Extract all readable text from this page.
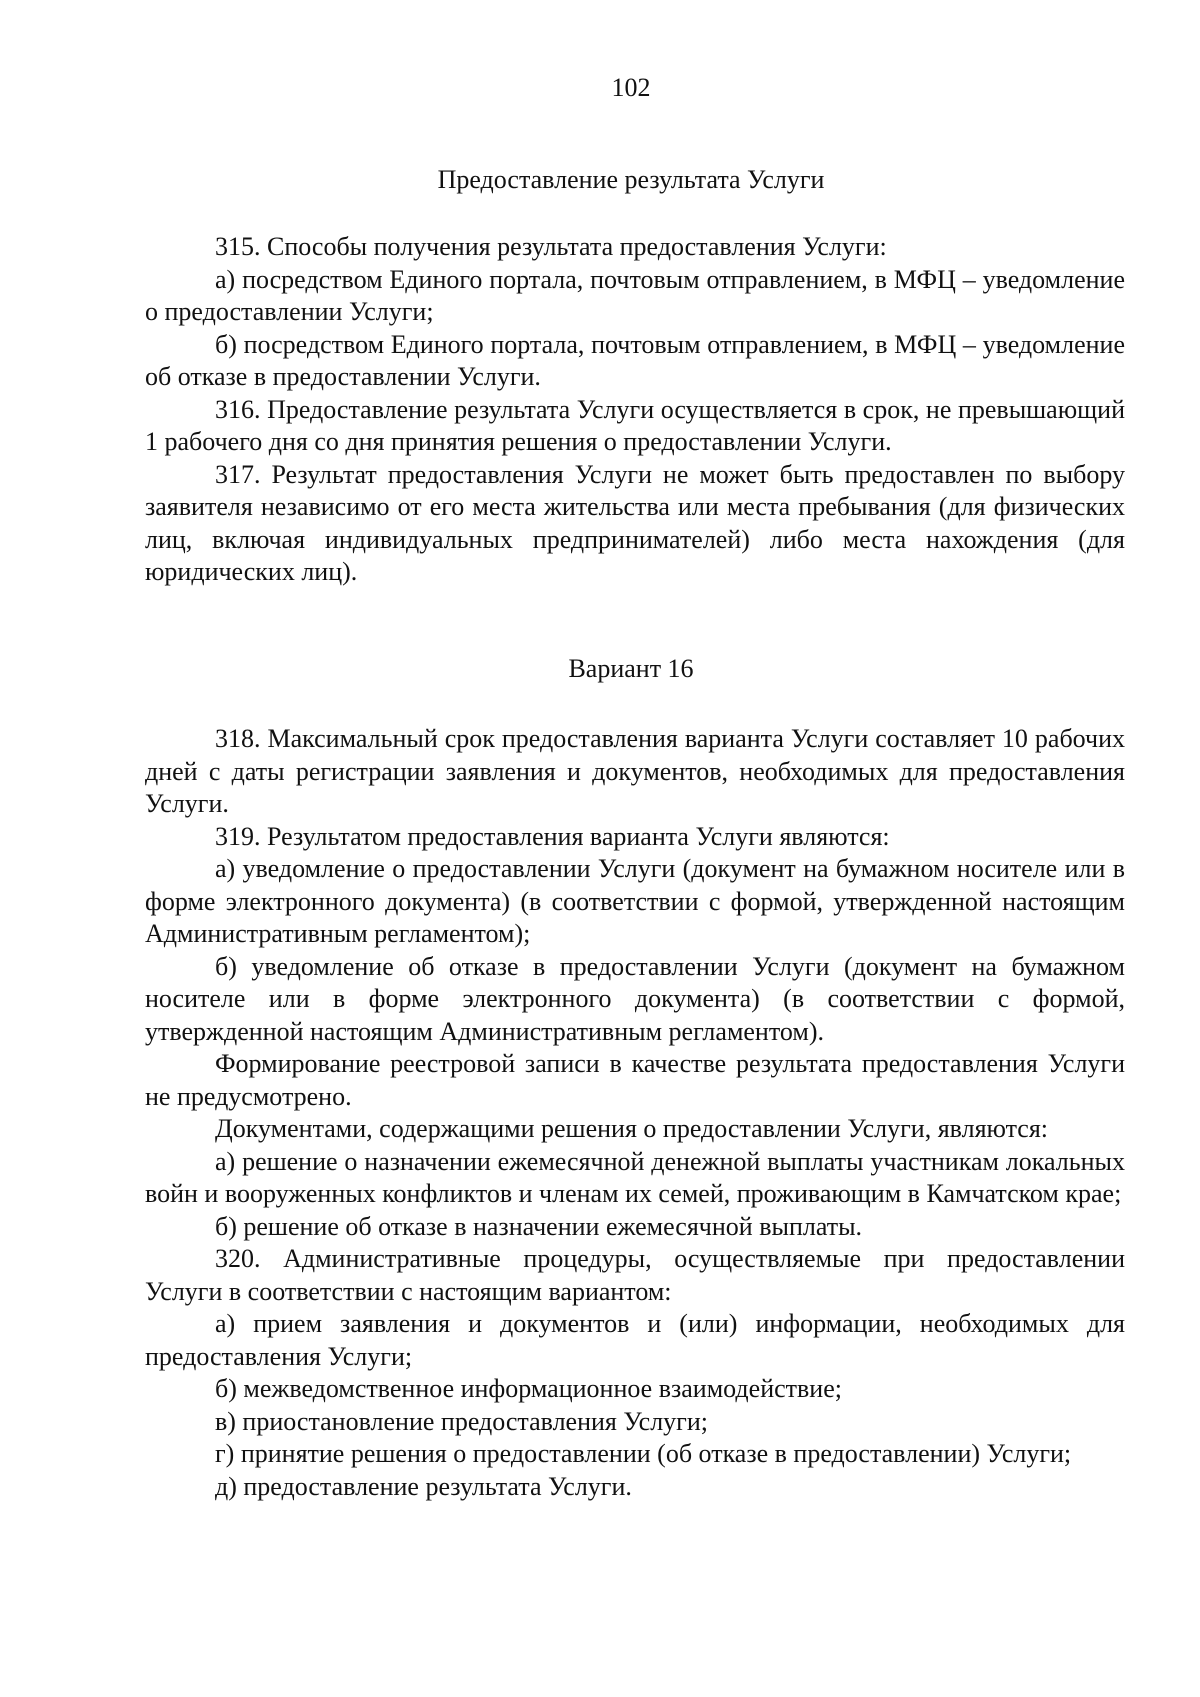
102
Предоставление результата Услуги

315. Способы получения результата предоставления Услуги:

а) посредством Единого портала, почтовым отправлением, в МФЦ – уведомление о предоставлении Услуги;

б) посредством Единого портала, почтовым отправлением, в МФЦ – уведомление об отказе в предоставлении Услуги.

316. Предоставление результата Услуги осуществляется в срок, не превышающий 1 рабочего дня со дня принятия решения о предоставлении Услуги.

317. Результат предоставления Услуги не может быть предоставлен по выбору заявителя независимо от его места жительства или места пребывания (для физических лиц, включая индивидуальных предпринимателей) либо места нахождения (для юридических лиц).

Вариант 16

318. Максимальный срок предоставления варианта Услуги составляет 10 рабочих дней с даты регистрации заявления и документов, необходимых для предоставления Услуги.

319. Результатом предоставления варианта Услуги являются:

а) уведомление о предоставлении Услуги (документ на бумажном носителе или в форме электронного документа) (в соответствии с формой, утвержденной настоящим Административным регламентом);

б) уведомление об отказе в предоставлении Услуги (документ на бумажном носителе или в форме электронного документа) (в соответствии с формой, утвержденной настоящим Административным регламентом).

Формирование реестровой записи в качестве результата предоставления Услуги не предусмотрено.

Документами, содержащими решения о предоставлении Услуги, являются:

а) решение о назначении ежемесячной денежной выплаты участникам локальных войн и вооруженных конфликтов и членам их семей, проживающим в Камчатском крае;

б) решение об отказе в назначении ежемесячной выплаты.

320. Административные процедуры, осуществляемые при предоставлении Услуги в соответствии с настоящим вариантом:

а) прием заявления и документов и (или) информации, необходимых для предоставления Услуги;

б) межведомственное информационное взаимодействие;

в) приостановление предоставления Услуги;

г) принятие решения о предоставлении (об отказе в предоставлении) Услуги;

д) предоставление результата Услуги.
